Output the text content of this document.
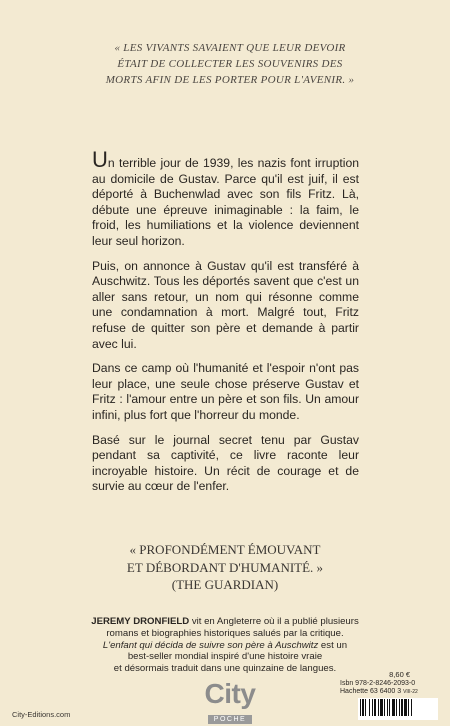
« LES VIVANTS SAVAIENT QUE LEUR DEVOIR ÉTAIT DE COLLECTER LES SOUVENIRS DES MORTS AFIN DE LES PORTER POUR L'AVENIR. »

Un terrible jour de 1939, les nazis font irruption au domicile de Gustav. Parce qu'il est juif, il est déporté à Buchenwlad avec son fils Fritz. Là, débute une épreuve inimaginable : la faim, le froid, les humiliations et la violence deviennent leur seul horizon.

Puis, on annonce à Gustav qu'il est transféré à Auschwitz. Tous les déportés savent que c'est un aller sans retour, un nom qui résonne comme une condamnation à mort. Malgré tout, Fritz refuse de quitter son père et demande à partir avec lui.

Dans ce camp où l'humanité et l'espoir n'ont pas leur place, une seule chose préserve Gustav et Fritz : l'amour entre un père et son fils. Un amour infini, plus fort que l'horreur du monde.

Basé sur le journal secret tenu par Gustav pendant sa captivité, ce livre raconte leur incroyable histoire. Un récit de courage et de survie au cœur de l'enfer.

« PROFONDÉMENT ÉMOUVANT
ET DÉBORDANT D'HUMANITÉ. »
(THE GUARDIAN)
JEREMY DRONFIELD vit en Angleterre où il a publié plusieurs
romans et biographies historiques salués par la critique.
L'enfant qui décida de suivre son père à Auschwitz est un
best-seller mondial inspiré d'une histoire vraie
et désormais traduit dans une quinzaine de langues.
8,60 €
Isbn 978-2-8246-2093-0
Hachette 63 6400 3 VIII-22
City
POCHE
City-Editions.com
